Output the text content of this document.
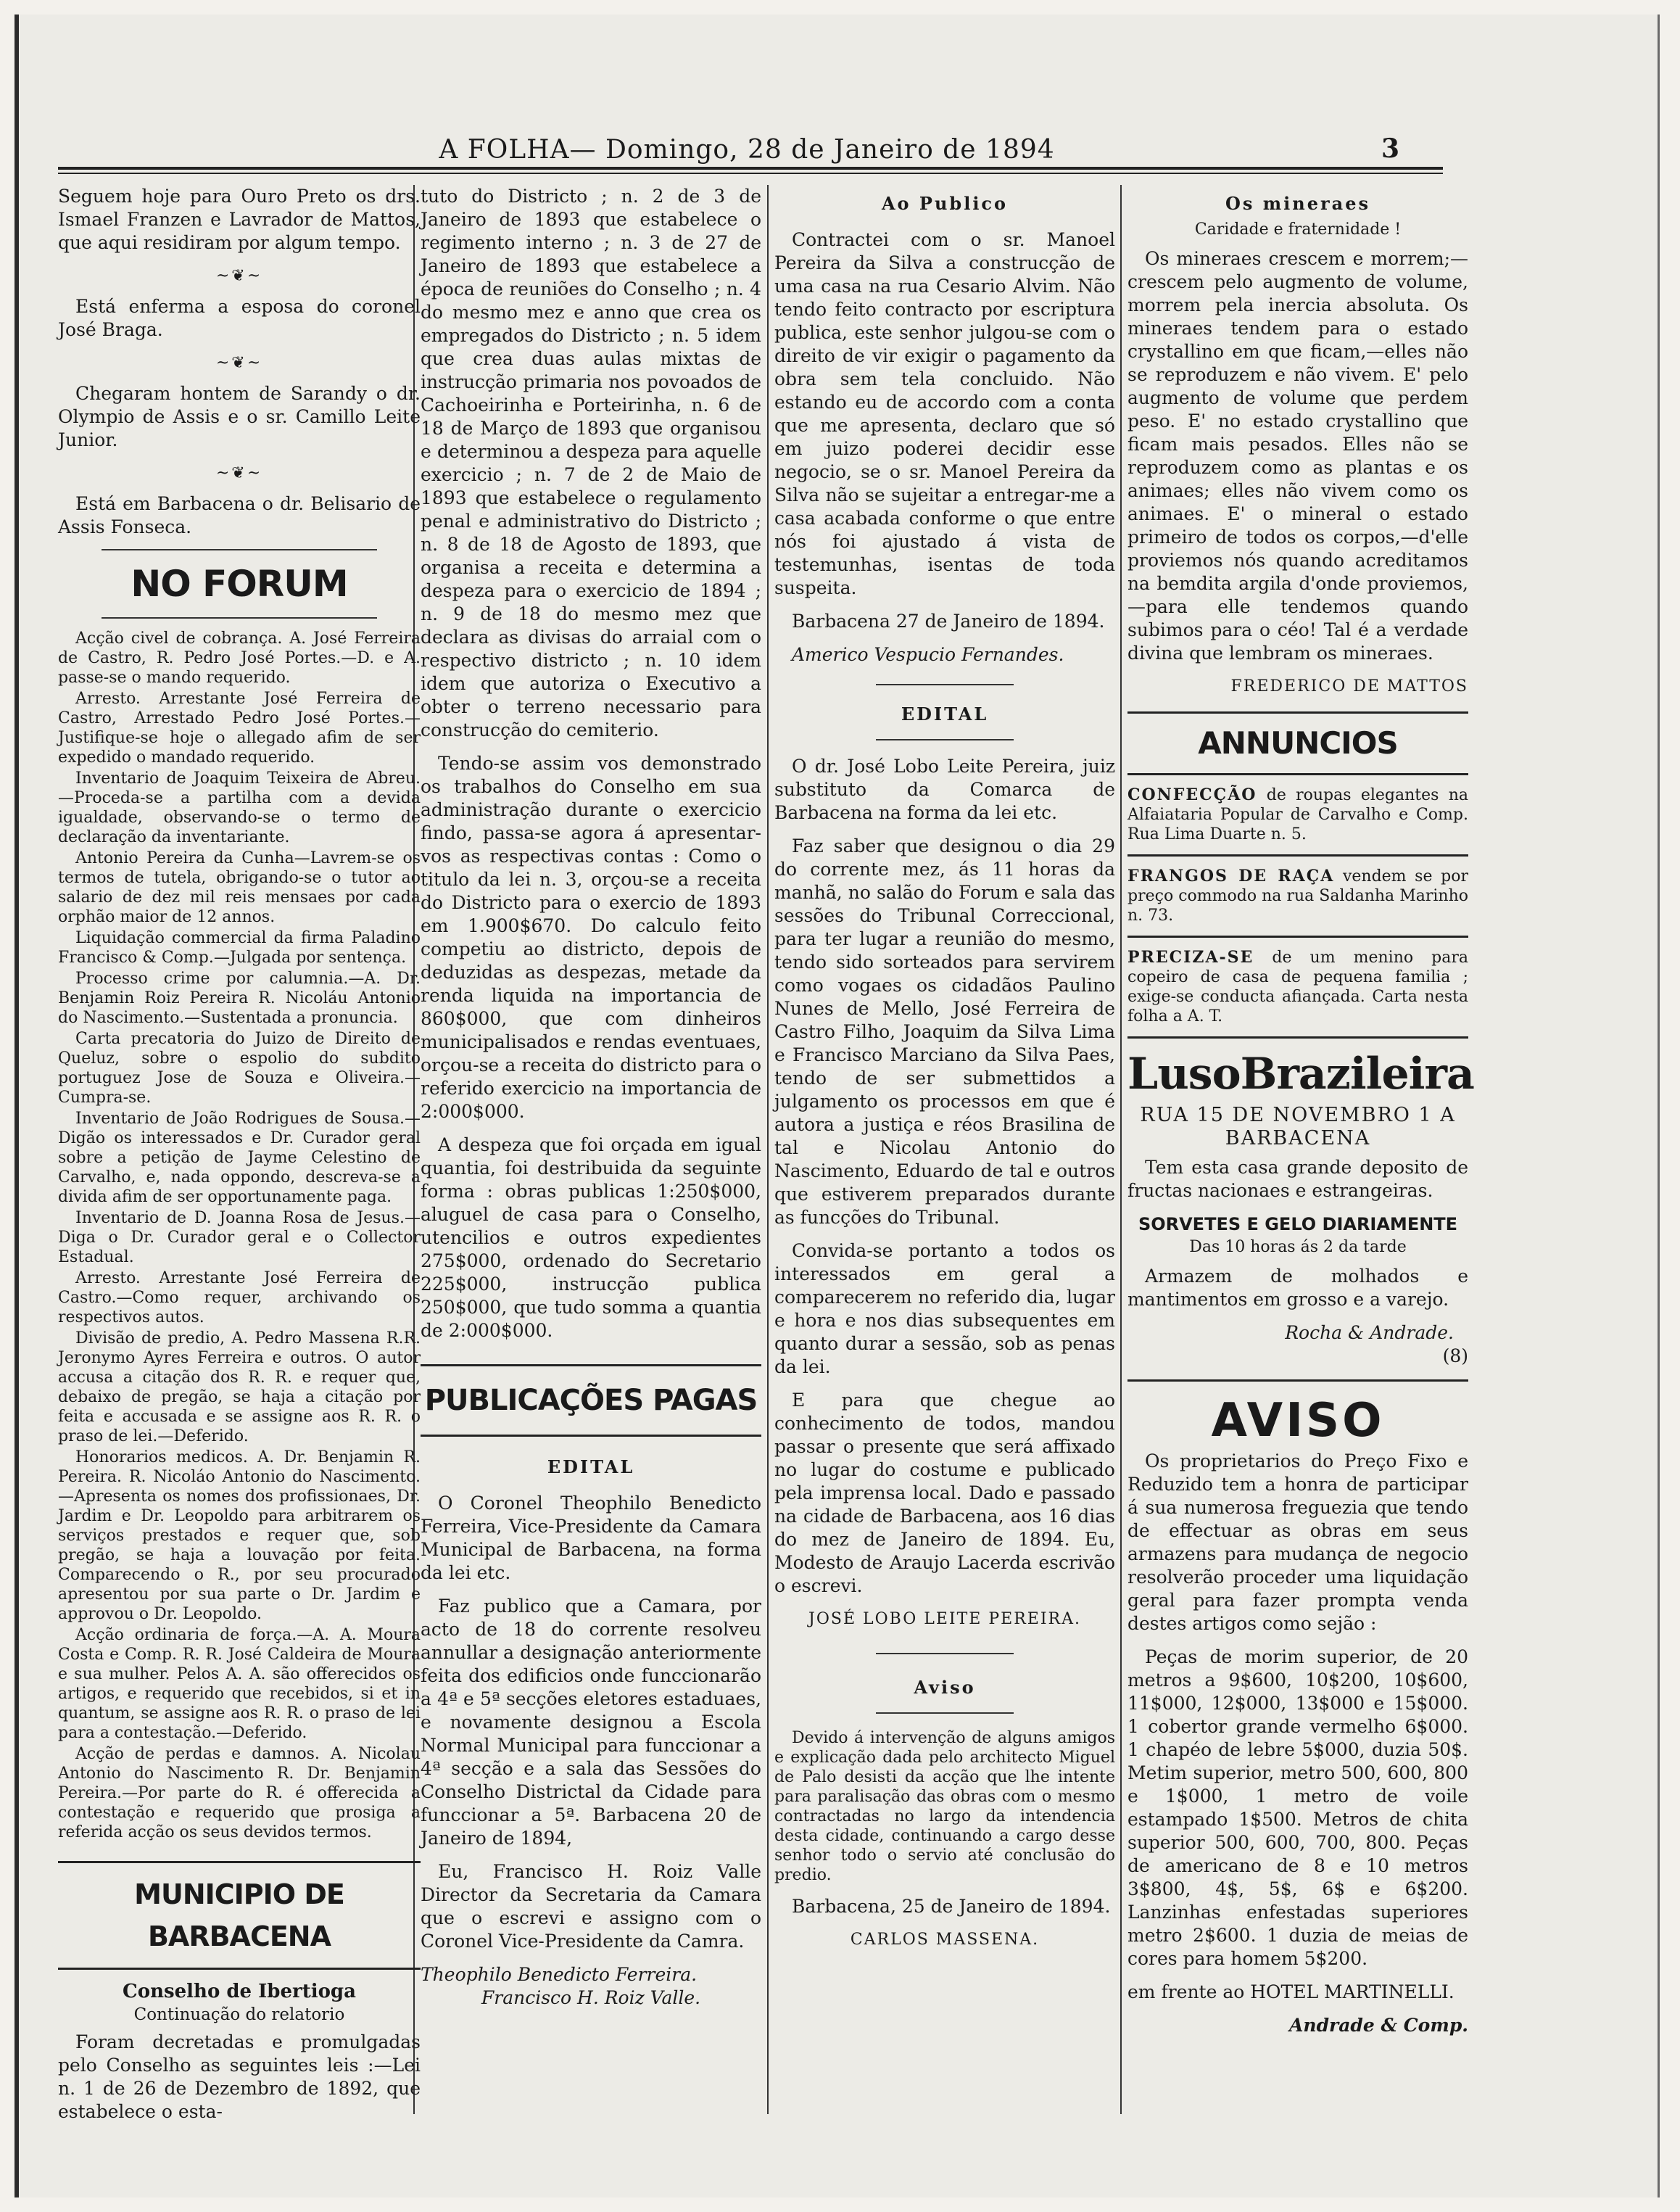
A FOLHA— Domingo, 28 de Janeiro de 1894	3

Seguem hoje para Ouro Preto os drs. Ismael Franzen e Lavrador de Mattos, que aqui residiram por algum tempo.

~❦~

Está enferma a esposa do coronel José Braga.

~❦~

Chegaram hontem de Sarandy o dr. Olympio de Assis e o sr. Camillo Leite Junior.

~❦~

Está em Barbacena o dr. Belisario de Assis Fonseca.

NO FORUM

Acção civel de cobrança. A. José Ferreira de Castro, R. Pedro José Portes.—D. e A. passe-se o mando requerido.

Arresto. Arrestante José Ferreira de Castro, Arrestado Pedro José Portes.—Justifique-se hoje o allegado afim de ser expedido o mandado requerido.

Inventario de Joaquim Teixeira de Abreu.—Proceda-se a partilha com a devida igualdade, observando-se o termo de declaração da inventariante.

Antonio Pereira da Cunha—Lavrem-se os termos de tutela, obrigando-se o tutor ao salario de dez mil reis mensaes por cada orphão maior de 12 annos.

Liquidação commercial da firma Paladino Francisco & Comp.—Julgada por sentença.

Processo crime por calumnia.—A. Dr. Benjamin Roiz Pereira R. Nicoláu Antonio do Nascimento.—Sustentada a pronuncia.

Carta precatoria do Juizo de Direito de Queluz, sobre o espolio do subdito portuguez Jose de Souza e Oliveira.—Cumpra-se.

Inventario de João Rodrigues de Sousa.—Digão os interessados e Dr. Curador geral sobre a petição de Jayme Celestino de Carvalho, e, nada oppondo, descreva-se a divida afim de ser opportunamente paga.

Inventario de D. Joanna Rosa de Jesus.—Diga o Dr. Curador geral e o Collector Estadual.

Arresto. Arrestante José Ferreira de Castro.—Como requer, archivando os respectivos autos.

Divisão de predio, A. Pedro Massena R.R. Jeronymo Ayres Ferreira e outros. O autor accusa a citação dos R. R. e requer que, debaixo de pregão, se haja a citação por feita e accusada e se assigne aos R. R. o praso de lei.—Deferido.

Honorarios medicos. A. Dr. Benjamin R. Pereira. R. Nicoláo Antonio do Nascimento.—Apresenta os nomes dos profissionaes, Dr. Jardim e Dr. Leopoldo para arbitrarem os serviços prestados e requer que, sob pregão, se haja a louvação por feita. Comparecendo o R., por seu procurado apresentou por sua parte o Dr. Jardim e approvou o Dr. Leopoldo.

Acção ordinaria de força.—A. A. Moura Costa e Comp. R. R. José Caldeira de Moura e sua mulher. Pelos A. A. são offerecidos os artigos, e requerido que recebidos, si et in quantum, se assigne aos R. R. o praso de lei para a contestação.—Deferido.

Acção de perdas e damnos. A. Nicolau Antonio do Nascimento R. Dr. Benjamin Pereira.—Por parte do R. é offerecida a contestação e requerido que prosiga a referida acção os seus devidos termos.

MUNICIPIO DE BARBACENA
Conselho de Ibertioga
Continuação do relatorio

Foram decretadas e promulgadas pelo Conselho as seguintes leis :—Lei n. 1 de 26 de Dezembro de 1892, que estabelece o esta-

tuto do Districto ; n. 2 de 3 de Janeiro de 1893 que estabelece o regimento interno ; n. 3 de 27 de Janeiro de 1893 que estabelece a época de reuniões do Conselho ; n. 4 do mesmo mez e anno que crea os empregados do Districto ; n. 5 idem que crea duas aulas mixtas de instrucção primaria nos povoados de Cachoeirinha e Porteirinha, n. 6 de 18 de Março de 1893 que organisou e determinou a despeza para aquelle exercicio ; n. 7 de 2 de Maio de 1893 que estabelece o regulamento penal e administrativo do Districto ; n. 8 de 18 de Agosto de 1893, que organisa a receita e determina a despeza para o exercicio de 1894 ; n. 9 de 18 do mesmo mez que declara as divisas do arraial com o respectivo districto ; n. 10 idem idem que autoriza o Executivo a obter o terreno necessario para construcção do cemiterio.

Tendo-se assim vos demonstrado os trabalhos do Conselho em sua administração durante o exercicio findo, passa-se agora á apresentar-vos as respectivas contas : Como o titulo da lei n. 3, orçou-se a receita do Districto para o exercio de 1893 em 1.900$670. Do calculo feito competiu ao districto, depois de deduzidas as despezas, metade da renda liquida na importancia de 860$000, que com dinheiros municipalisados e rendas eventuaes, orçou-se a receita do districto para o referido exercicio na importancia de 2:000$000.

A despeza que foi orçada em igual quantia, foi destribuida da seguinte forma : obras publicas 1:250$000, aluguel de casa para o Conselho, utencilios e outros expedientes 275$000, ordenado do Secretario 225$000, instrucção publica 250$000, que tudo somma a quantia de 2:000$000.

PUBLICAÇÕES PAGAS
EDITAL

O Coronel Theophilo Benedicto Ferreira, Vice-Presidente da Camara Municipal de Barbacena, na forma da lei etc.

Faz publico que a Camara, por acto de 18 do corrente resolveu annullar a designação anteriormente feita dos edificios onde funccionarão a 4ª e 5ª secções eletores estaduaes, e novamente designou a Escola Normal Municipal para funccionar a 4ª secção e a sala das Sessões do Conselho Districtal da Cidade para funccionar a 5ª. Barbacena 20 de Janeiro de 1894,

Eu, Francisco H. Roiz Valle Director da Secretaria da Camara que o escrevi e assigno com o Coronel Vice-Presidente da Camra.

Theophilo Benedicto Ferreira.
Francisco H. Roiz Valle.
Ao Publico

Contractei com o sr. Manoel Pereira da Silva a construcção de uma casa na rua Cesario Alvim. Não tendo feito contracto por escriptura publica, este senhor julgou-se com o direito de vir exigir o pagamento da obra sem tela concluido. Não estando eu de accordo com a conta que me apresenta, declaro que só em juizo poderei decidir esse negocio, se o sr. Manoel Pereira da Silva não se sujeitar a entregar-me a casa acabada conforme o que entre nós foi ajustado á vista de testemunhas, isentas de toda suspeita.

Barbacena 27 de Janeiro de 1894.

Americo Vespucio Fernandes.

EDITAL

O dr. José Lobo Leite Pereira, juiz substituto da Comarca de Barbacena na forma da lei etc.

Faz saber que designou o dia 29 do corrente mez, ás 11 horas da manhã, no salão do Forum e sala das sessões do Tribunal Correccional, para ter lugar a reunião do mesmo, tendo sido sorteados para servirem como vogaes os cidadãos Paulino Nunes de Mello, José Ferreira de Castro Filho, Joaquim da Silva Lima e Francisco Marciano da Silva Paes, tendo de ser submettidos a julgamento os processos em que é autora a justiça e réos Brasilina de tal e Nicolau Antonio do Nascimento, Eduardo de tal e outros que estiverem preparados durante as funcções do Tribunal.

Convida-se portanto a todos os interessados em geral a comparecerem no referido dia, lugar e hora e nos dias subsequentes em quanto durar a sessão, sob as penas da lei.

E para que chegue ao conhecimento de todos, mandou passar o presente que será affixado no lugar do costume e publicado pela imprensa local. Dado e passado na cidade de Barbacena, aos 16 dias do mez de Janeiro de 1894. Eu, Modesto de Araujo Lacerda escrivão o escrevi.

JOSÉ LOBO LEITE PEREIRA.
Aviso

Devido á intervenção de alguns amigos e explicação dada pelo architecto Miguel de Palo desisti da acção que lhe intente para paralisação das obras com o mesmo contractadas no largo da intendencia desta cidade, continuando a cargo desse senhor todo o servio até conclusão do predio.

Barbacena, 25 de Janeiro de 1894.

CARLOS MASSENA.
Os mineraes
Caridade e fraternidade !

Os mineraes crescem e morrem;—crescem pelo augmento de volume, morrem pela inercia absoluta. Os mineraes tendem para o estado crystallino em que ficam,—elles não se reproduzem e não vivem. E' pelo augmento de volume que perdem peso. E' no estado crystallino que ficam mais pesados. Elles não se reproduzem como as plantas e os animaes; elles não vivem como os animaes. E' o mineral o estado primeiro de todos os corpos,—d'elle proviemos nós quando acreditamos na bemdita argila d'onde proviemos, —para elle tendemos quando subimos para o céo! Tal é a verdade divina que lembram os mineraes.

FREDERICO DE MATTOS
ANNUNCIOS
CONFECÇÃO de roupas elegantes na Alfaiataria Popular de Carvalho e Comp. Rua Lima Duarte n. 5.
FRANGOS DE RAÇA vendem se por preço commodo na rua Saldanha Marinho n. 73.
PRECIZA-SE de um menino para copeiro de casa de pequena familia ; exige-se conducta afiançada. Carta nesta folha a A. T.
LusoBrazileira
RUA 15 DE NOVEMBRO 1 A
BARBACENA

Tem esta casa grande deposito de fructas nacionaes e estrangeiras.

SORVETES E GELO DIARIAMENTE
Das 10 horas ás 2 da tarde

Armazem de molhados e mantimentos em grosso e a varejo.

Rocha & Andrade.
(8)
AVISO

Os proprietarios do Preço Fixo e Reduzido tem a honra de participar á sua numerosa freguezia que tendo de effectuar as obras em seus armazens para mudança de negocio resolverão proceder uma liquidação geral para fazer prompta venda destes artigos como sejão :

Peças de morim superior, de 20 metros a 9$600, 10$200, 10$600, 11$000, 12$000, 13$000 e 15$000. 1 cobertor grande vermelho 6$000. 1 chapéo de lebre 5$000, duzia 50$. Metim superior, metro 500, 600, 800 e 1$000, 1 metro de voile estampado 1$500. Metros de chita superior 500, 600, 700, 800. Peças de americano de 8 e 10 metros 3$800, 4$, 5$, 6$ e 6$200. Lanzinhas enfestadas superiores metro 2$600. 1 duzia de meias de cores para homem 5$200.

em frente ao HOTEL MARTINELLI.

Andrade & Comp.
